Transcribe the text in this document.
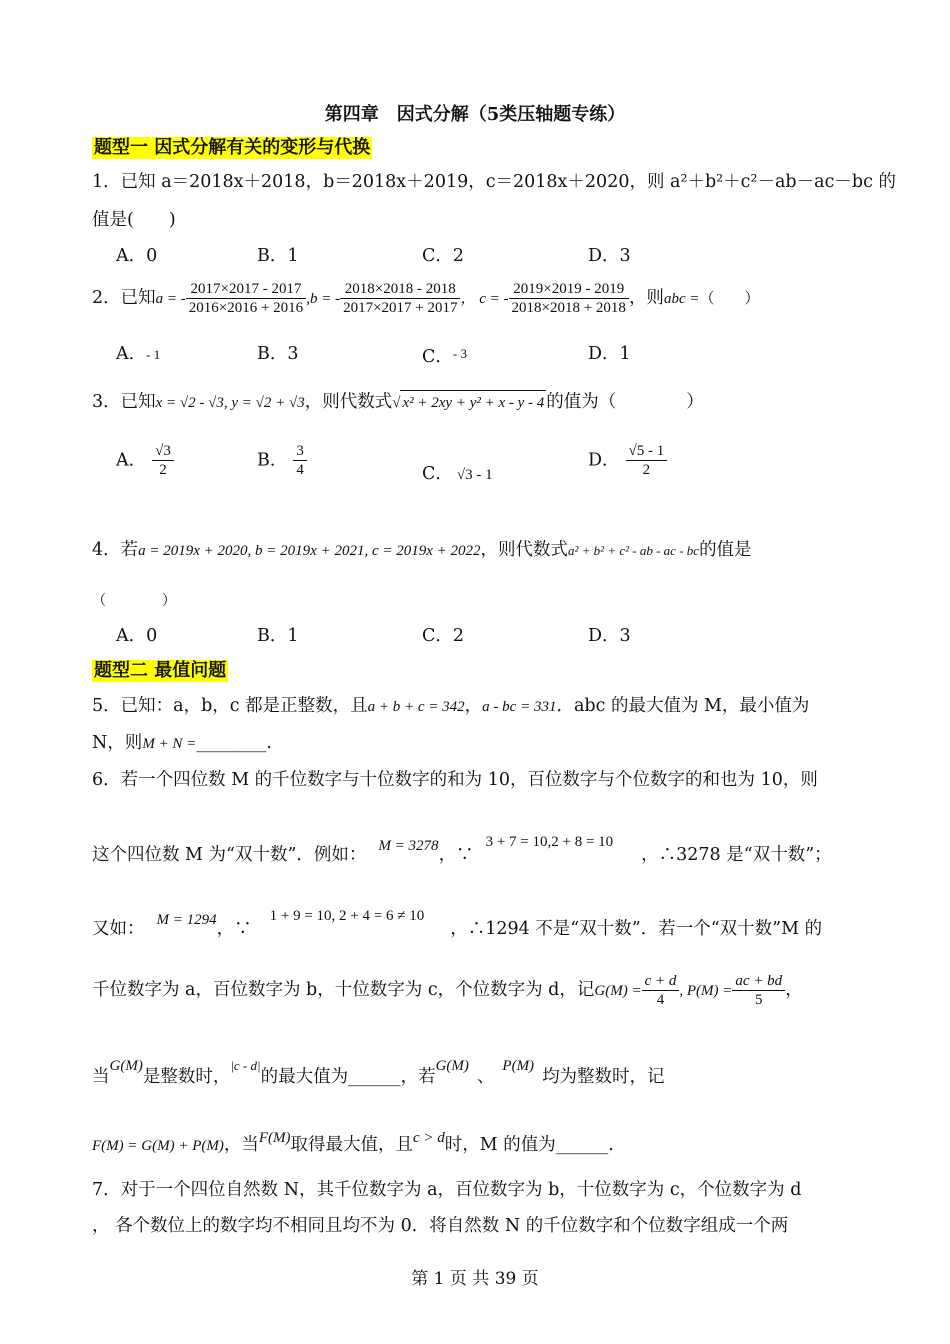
第四章　因式分解（5类压轴题专练）
题型一 因式分解有关的变形与代换
1．已知 a＝2018x＋2018，b＝2018x＋2019，c＝2018x＋2020，则 a²＋b²＋c²－ab－ac－bc 的
值是(　　)
A．0	B．1	C．2	D．3
2．已知a = - $\frac{2017\times 2017 - 2017}{2016\times 2016 + 2016} ,b$ = - $\frac{2018\times 2018 - 2018}{2017\times 2017 + 2017}$ ， c = - $\frac{2019\times 2019 - 2019}{2018\times 2018 + 2018}$ ，则abc =（　　）
A．- 1	B．3	C．$^{- 3}$	D．1
3．已知x = √2 - √3, y = √2 + √3，则代数式√ x² + 2xy + y² + x - y - 4 的值为（　　　　）
A． $\frac{√3}{2}$	B． $\frac{3}{4}$	C． √3 - 1
D． $\frac{√5 - 1}{2}$
4．若a = 2019x + 2020, b = 2019x + 2021, c = 2019x + 2022，则代数式a² + b² + c² - ab - ac - bc的值是
（　　　　）
A．0	B．1	C．2	D．3
题型二 最值问题
5．已知：a，b，c 都是正整数，且a + b + c = 342，a - bc = 331．abc 的最大值为 M，最小值为
N，则M + N =________.
6．若一个四位数 M 的千位数字与十位数字的和为 10，百位数字与个位数字的和也为 10，则
这个四位数 M 为“双十数”．例如： M = 3278，∵3 + 7 = 10,2 + 8 = 10，∴3278 是“双十数”；
又如： M = 1294，∵1 + 9 = 10, 2 + 4 = 6 ≠ 10，∴1294 不是“双十数”．若一个“双十数”M 的
千位数字为 a，百位数字为 b，十位数字为 c，个位数字为 d，记$G(M) = \frac{c + d}{4}$ , $P(M) = \frac{ac + bd}{5}$ ，
当G(M)是整数时，$^{|c - d|}$的最大值为______，若G(M)、P(M)均为整数时，记
F(M) = G(M) + P(M)，当F(M)取得最大值，且c > d时，M 的值为______.
7．对于一个四位自然数 N，其千位数字为 a，百位数字为 b，十位数字为 c，个位数字为 d
， 各个数位上的数字均不相同且均不为 0．将自然数 N 的千位数字和个位数字组成一个两
第 1 页 共 39 页
